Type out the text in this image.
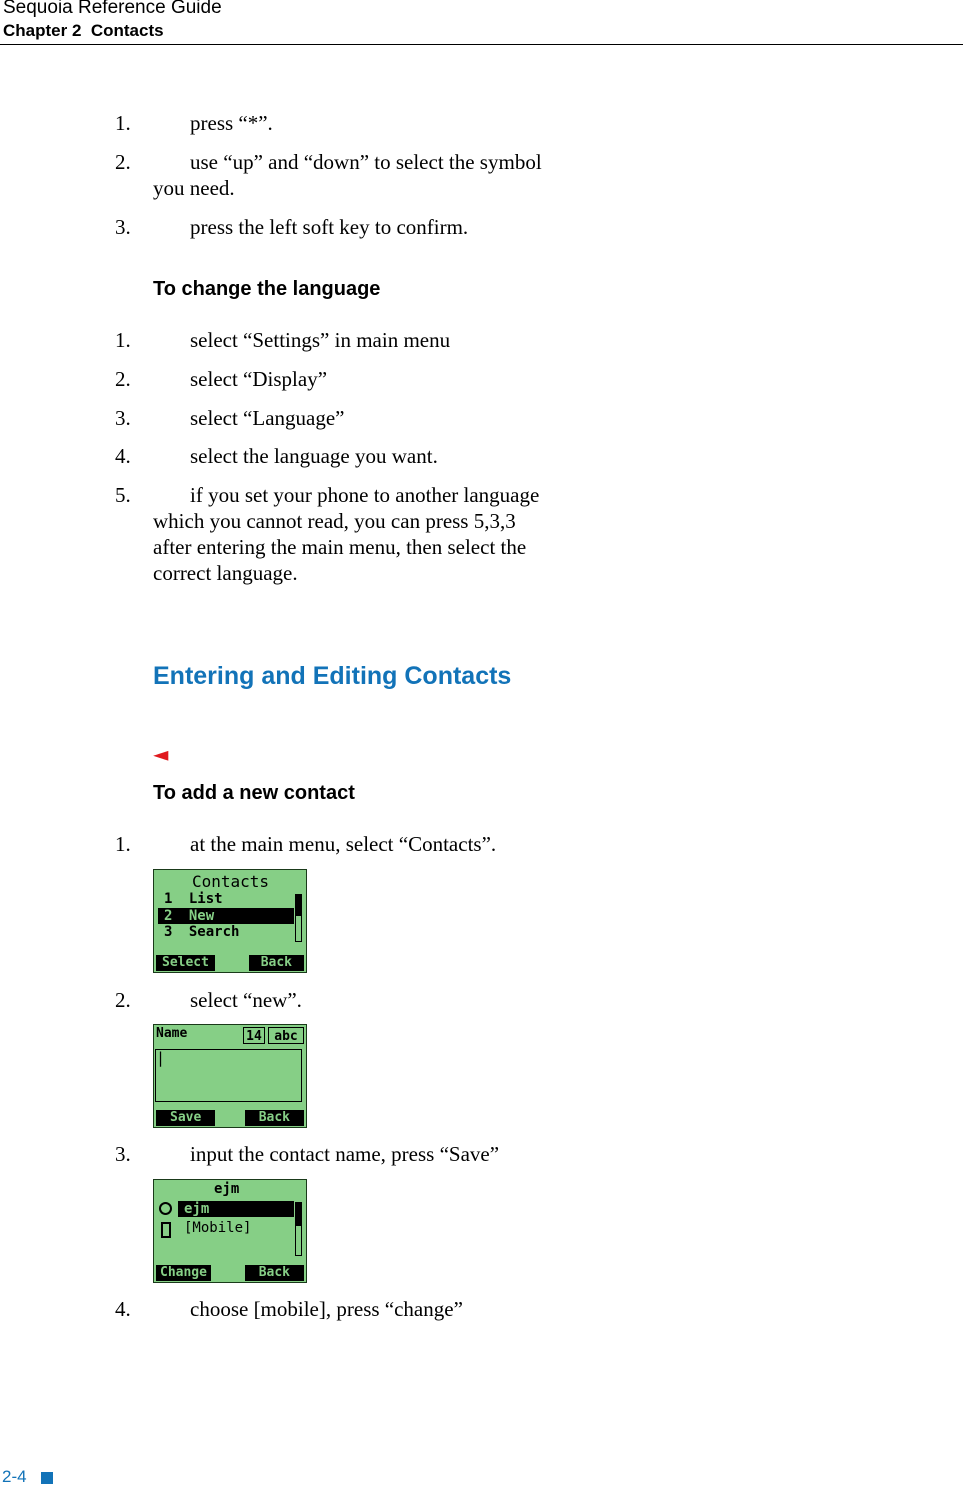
Sequoia Reference Guide
Chapter 2  Contacts
1.	press “*”.
2.	use “up” and “down” to select the symbol you need.
3.	press the left soft key to confirm.
To change the language
1.	select “Settings” in main menu
2.	select “Display”
3.	select “Language”
4.	select the language you want.
5.	if you set your phone to another language which you cannot read, you can press 5,3,3 after entering the main menu, then select the correct language.
Entering and Editing Contacts
◄
To add a new contact
1.	at the main menu, select “Contacts”.
Contacts
1 List
2 New
3 Search
Select	Back
2.	select “new”.
Name	14 abc
|
Save	Back
3.	input the contact name, press “Save”
ejm
ejm
[Mobile]
Change	Back
4.	choose [mobile], press “change”
2-4
